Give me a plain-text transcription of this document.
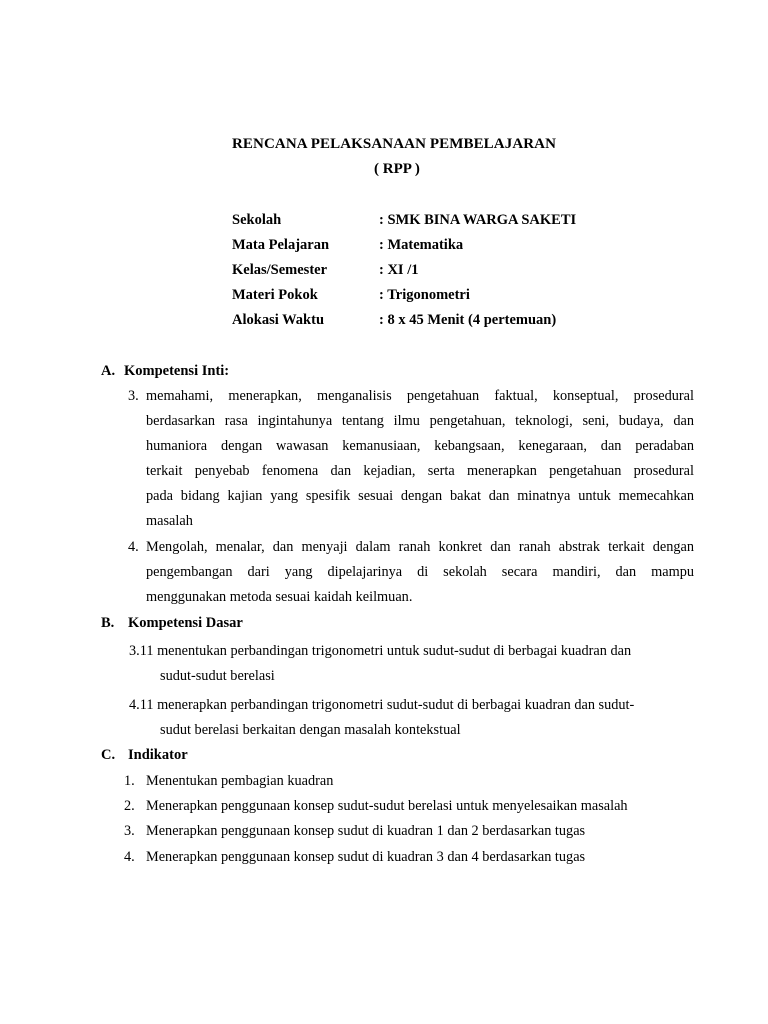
RENCANA PELAKSANAAN PEMBELAJARAN
( RPP )
Sekolah	: SMK BINA WARGA SAKETI
Mata Pelajaran	: Matematika
Kelas/Semester	: XI /1
Materi Pokok	: Trigonometri
Alokasi Waktu	: 8 x 45 Menit (4 pertemuan)
A. Kompetensi Inti:
3. memahami, menerapkan, menganalisis pengetahuan faktual, konseptual, prosedural
berdasarkan rasa ingintahunya tentang ilmu pengetahuan, teknologi, seni, budaya, dan
humaniora dengan wawasan kemanusiaan, kebangsaan, kenegaraan, dan peradaban
terkait penyebab fenomena dan kejadian, serta menerapkan pengetahuan prosedural
pada bidang kajian yang spesifik sesuai dengan bakat dan minatnya untuk memecahkan
masalah
4. Mengolah, menalar, dan menyaji dalam ranah konkret dan ranah abstrak terkait dengan
pengembangan dari yang dipelajarinya di sekolah secara mandiri, dan mampu
menggunakan metoda sesuai kaidah keilmuan.
B. Kompetensi Dasar
3.11 menentukan perbandingan trigonometri untuk sudut-sudut di berbagai kuadran dan
sudut-sudut berelasi
4.11 menerapkan perbandingan trigonometri sudut-sudut di berbagai kuadran dan sudut-
sudut berelasi berkaitan dengan masalah kontekstual
C. Indikator
1. Menentukan pembagian kuadran
2. Menerapkan penggunaan konsep sudut-sudut berelasi untuk menyelesaikan masalah
3. Menerapkan penggunaan konsep sudut di kuadran 1 dan 2 berdasarkan tugas
4. Menerapkan penggunaan konsep sudut di kuadran 3 dan 4 berdasarkan tugas
